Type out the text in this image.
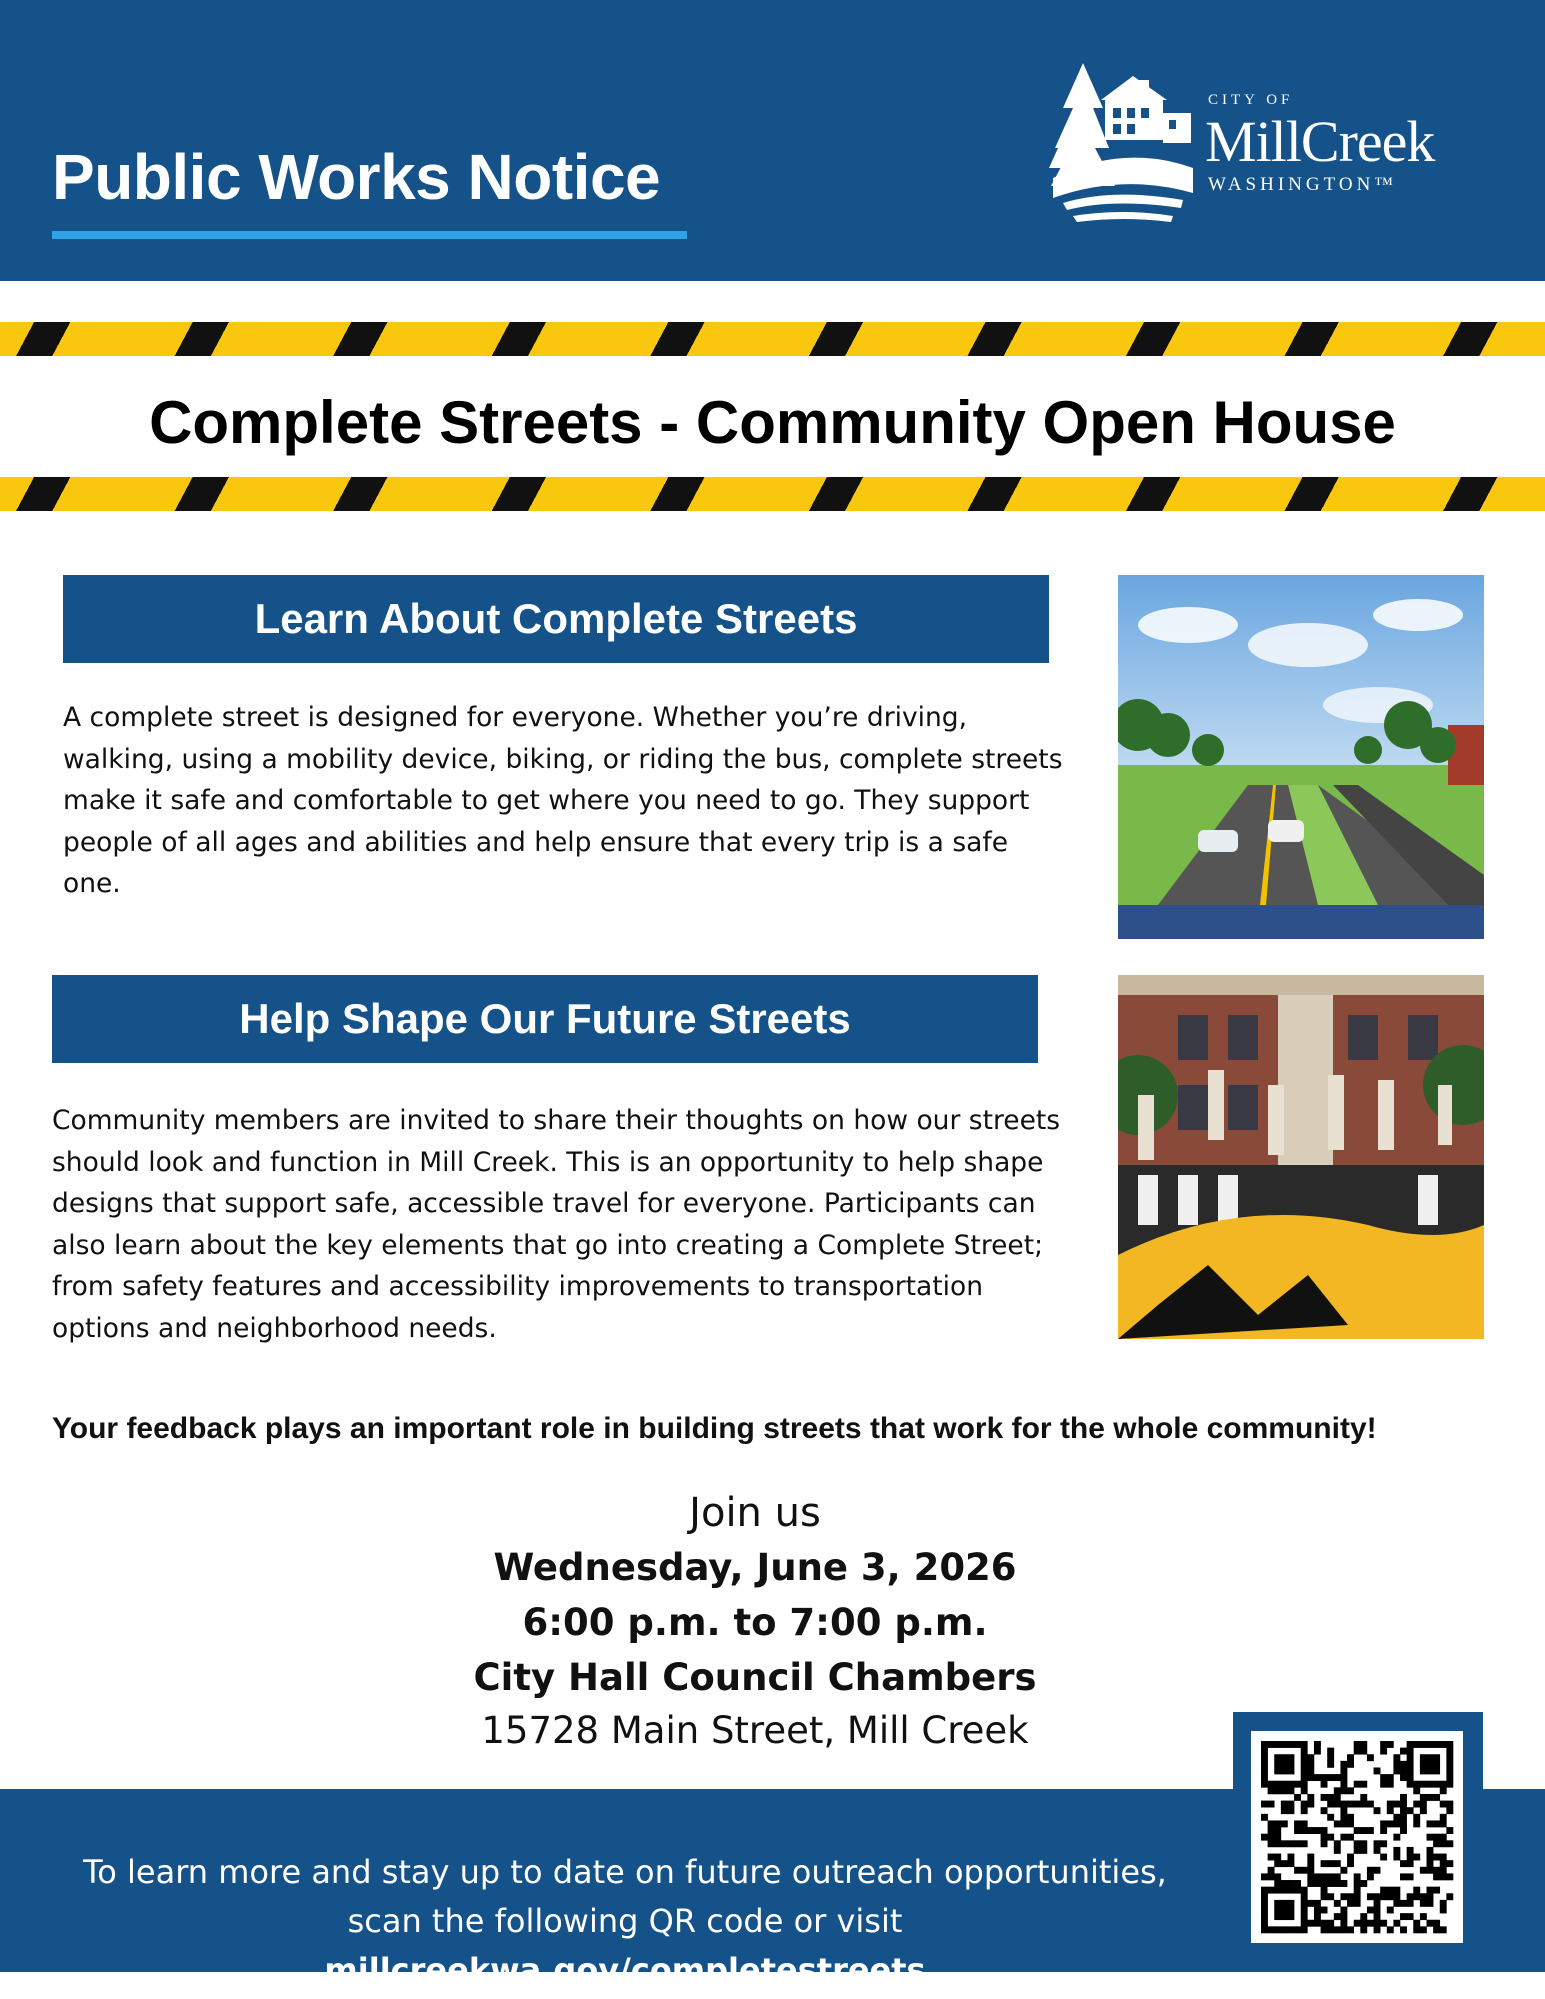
Public Works Notice
CITY OF
MillCreek
WASHINGTON™
Complete Streets - Community Open House
Learn About Complete Streets
A complete street is designed for everyone. Whether you’re driving, walking, using a mobility device, biking, or riding the bus, complete streets make it safe and comfortable to get where you need to go. They support people of all ages and abilities and help ensure that every trip is a safe one.
Help Shape Our Future Streets
Community members are invited to share their thoughts on how our streets should look and function in Mill Creek. This is an opportunity to help shape designs that support safe, accessible travel for everyone. Participants can also learn about the key elements that go into creating a Complete Street; from safety features and accessibility improvements to transportation options and neighborhood needs.
Your feedback plays an important role in building streets that work for the whole community!
Join us
Wednesday, June 3, 2026
6:00 p.m. to 7:00 p.m.
City Hall Council Chambers
15728 Main Street, Mill Creek
To learn more and stay up to date on future outreach opportunities,
scan the following QR code or visit millcreekwa.gov/completestreets
